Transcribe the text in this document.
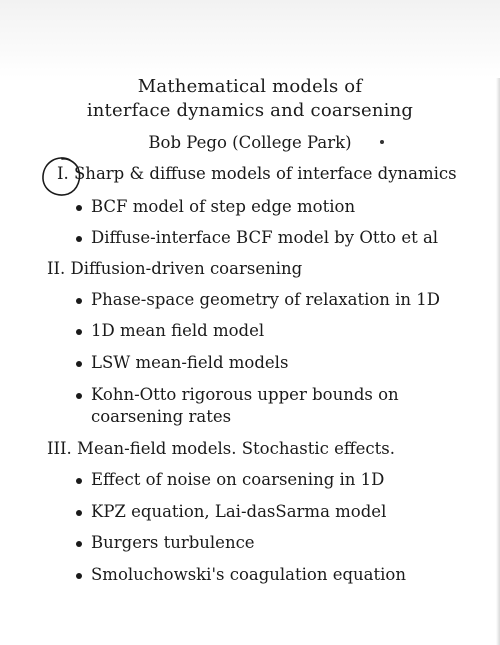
Mathematical models of
interface dynamics and coarsening
Bob Pego (College Park)
I. Sharp & diffuse models of interface dynamics
BCF model of step edge motion
Diffuse-interface BCF model by Otto et al
II. Diffusion-driven coarsening
Phase-space geometry of relaxation in 1D
1D mean field model
LSW mean-field models
Kohn-Otto rigorous upper bounds on
coarsening rates
III. Mean-field models. Stochastic effects.
Effect of noise on coarsening in 1D
KPZ equation, Lai-dasSarma model
Burgers turbulence
Smoluchowski's coagulation equation
